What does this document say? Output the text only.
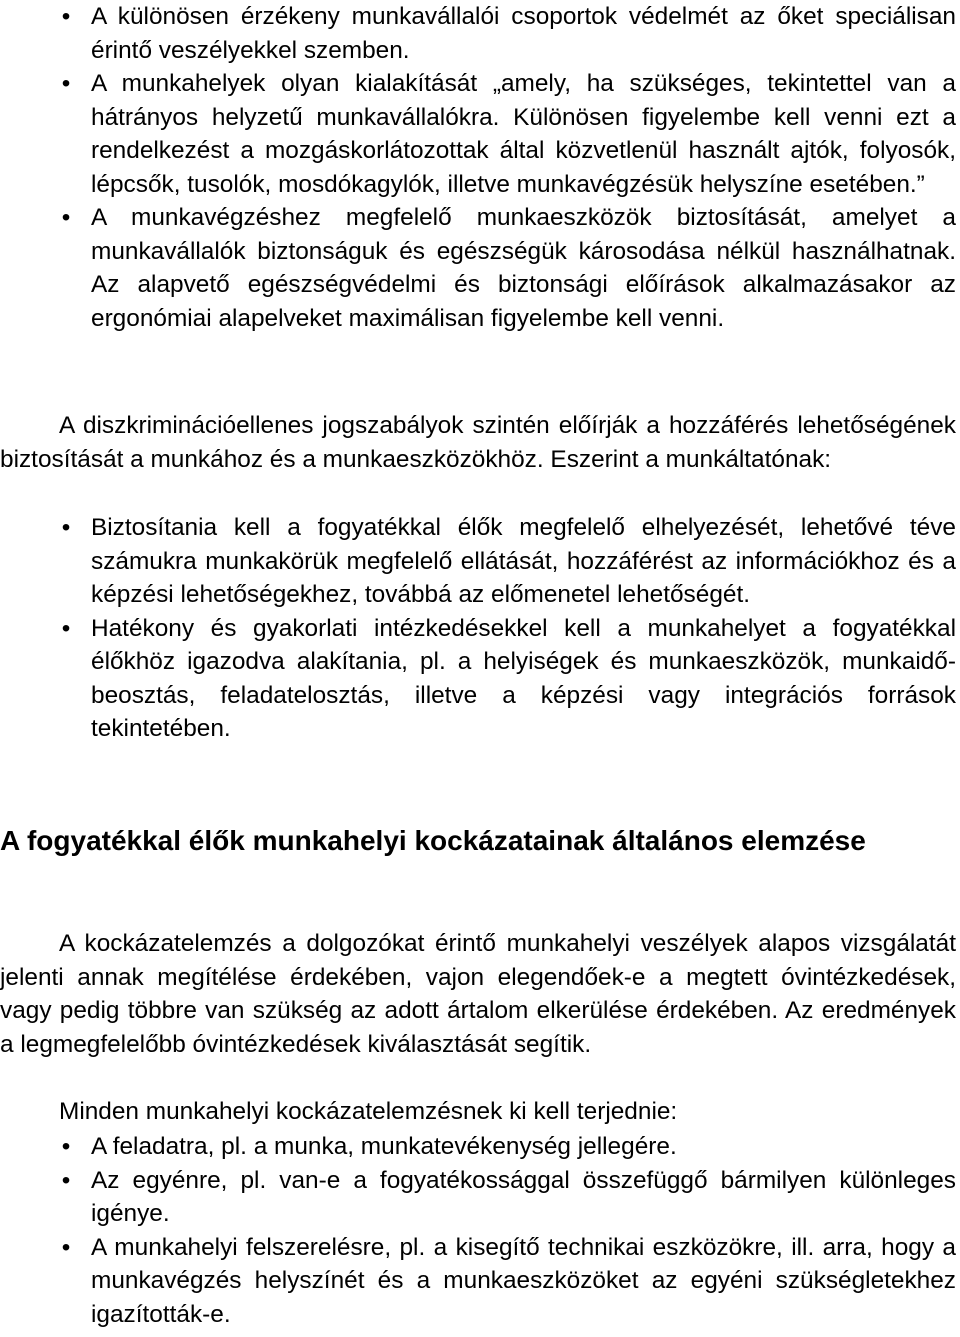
• A különösen érzékeny munkavállalói csoportok védelmét az őket speciálisan érintő veszélyekkel szemben.
• A munkahelyek olyan kialakítását „amely, ha szükséges, tekintettel van a hátrányos helyzetű munkavállalókra. Különösen figyelembe kell venni ezt a rendelkezést a mozgáskorlátozottak által közvetlenül használt ajtók, folyosók, lépcsők, tusolók, mosdókagylók, illetve munkavégzésük helyszíne esetében.”
• A munkavégzéshez megfelelő munkaeszközök biztosítását, amelyet a munkavállalók biztonságuk és egészségük károsodása nélkül használhatnak. Az alapvető egészségvédelmi és biztonsági előírások alkalmazásakor az ergonómiai alapelveket maximálisan figyelembe kell venni.

A diszkriminációellenes jogszabályok szintén előírják a hozzáférés lehetőségének biztosítását a munkához és a munkaeszközökhöz. Eszerint a munkáltatónak:

• Biztosítania kell a fogyatékkal élők megfelelő elhelyezését, lehetővé téve számukra munkakörük megfelelő ellátását, hozzáférést az információkhoz és a képzési lehetőségekhez, továbbá az előmenetel lehetőségét.
• Hatékony és gyakorlati intézkedésekkel kell a munkahelyet a fogyatékkal élőkhöz igazodva alakítania, pl. a helyiségek és munkaeszközök, munkaidő-beosztás, feladatelosztás, illetve a képzési vagy integrációs források tekintetében.
A fogyatékkal élők munkahelyi kockázatainak általános elemzése

A kockázatelemzés a dolgozókat érintő munkahelyi veszélyek alapos vizsgálatát jelenti annak megítélése érdekében, vajon elegendőek-e a megtett óvintézkedések, vagy pedig többre van szükség az adott ártalom elkerülése érdekében. Az eredmények a legmegfelelőbb óvintézkedések kiválasztását segítik.

Minden munkahelyi kockázatelemzésnek ki kell terjednie:

• A feladatra, pl. a munka, munkatevékenység jellegére.
• Az egyénre, pl. van-e a fogyatékossággal összefüggő bármilyen különleges igénye.
• A munkahelyi felszerelésre, pl. a kisegítő technikai eszközökre, ill. arra, hogy a munkavégzés helyszínét és a munkaeszközöket az egyéni szükségletekhez igazították-e.
